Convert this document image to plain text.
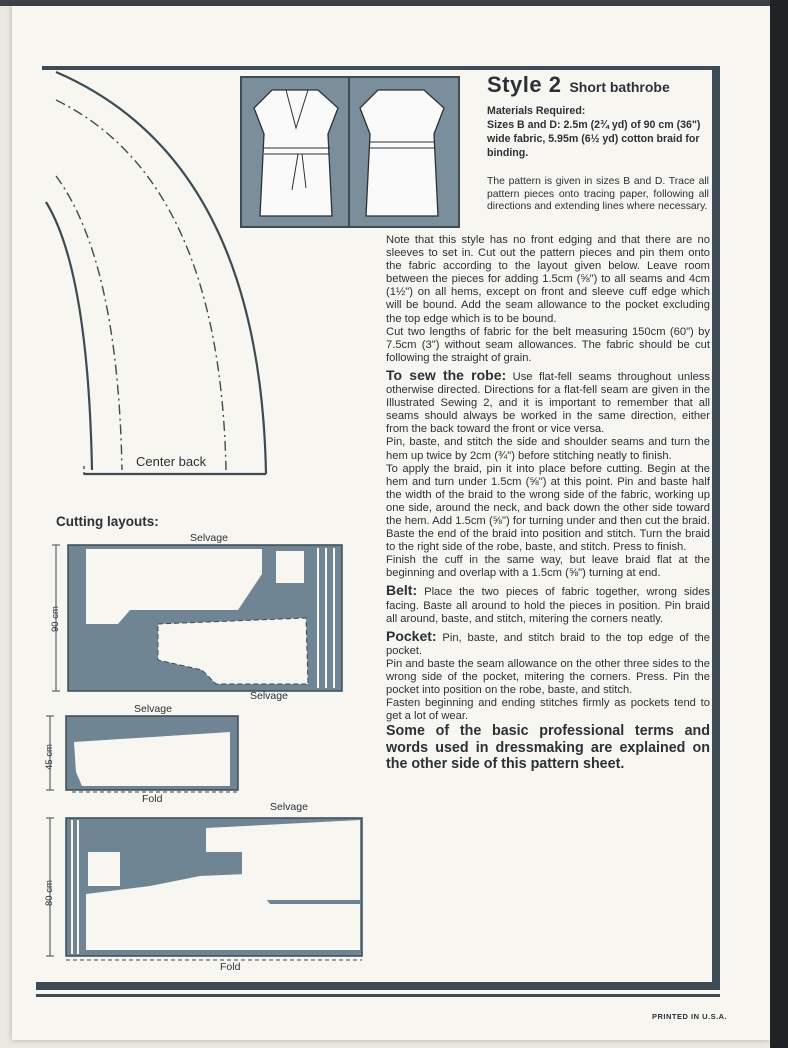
Style 2 Short bathrobe
Materials Required:
Sizes B and D: 2.5m (2¾ yd) of 90 cm (36") wide fabric, 5.95m (6½ yd) cotton braid for binding.
The pattern is given in sizes B and D. Trace all pattern pieces onto tracing paper, following all directions and extending lines where necessary.

Note that this style has no front edging and that there are no sleeves to set in. Cut out the pattern pieces and pin them onto the fabric according to the layout given below. Leave room between the pieces for adding 1.5cm (⅝") to all seams and 4cm (1½") on all hems, except on front and sleeve cuff edge which will be bound. Add the seam allowance to the pocket excluding the top edge which is to be bound.

Cut two lengths of fabric for the belt measuring 150cm (60") by 7.5cm (3") without seam allowances. The fabric should be cut following the straight of grain.

To sew the robe: Use flat-fell seams throughout unless otherwise directed. Directions for a flat-fell seam are given in the Illustrated Sewing 2, and it is important to remember that all seams should always be worked in the same direction, either from the back toward the front or vice versa.

Pin, baste, and stitch the side and shoulder seams and turn the hem up twice by 2cm (¾") before stitching neatly to finish.

To apply the braid, pin it into place before cutting. Begin at the hem and turn under 1.5cm (⅝") at this point. Pin and baste half the width of the braid to the wrong side of the fabric, working up one side, around the neck, and back down the other side toward the hem. Add 1.5cm (⅝") for turning under and then cut the braid. Baste the end of the braid into position and stitch. Turn the braid to the right side of the robe, baste, and stitch. Press to finish.

Finish the cuff in the same way, but leave braid flat at the beginning and overlap with a 1.5cm (⅝") turning at end.

Belt: Place the two pieces of fabric together, wrong sides facing. Baste all around to hold the pieces in position. Pin braid all around, baste, and stitch, mitering the corners neatly.

Pocket: Pin, baste, and stitch braid to the top edge of the pocket.

Pin and baste the seam allowance on the other three sides to the wrong side of the pocket, mitering the corners. Press. Pin the pocket into position on the robe, baste, and stitch.

Fasten beginning and ending stitches firmly as pockets tend to get a lot of wear.

Some of the basic professional terms and words used in dressmaking are explained on the other side of this pattern sheet.

Center back
Cutting layouts:
Selvage
Selvage
Selvage
Selvage
Fold
Fold
90 cm
45 cm
80 cm
PRINTED IN U.S.A.
